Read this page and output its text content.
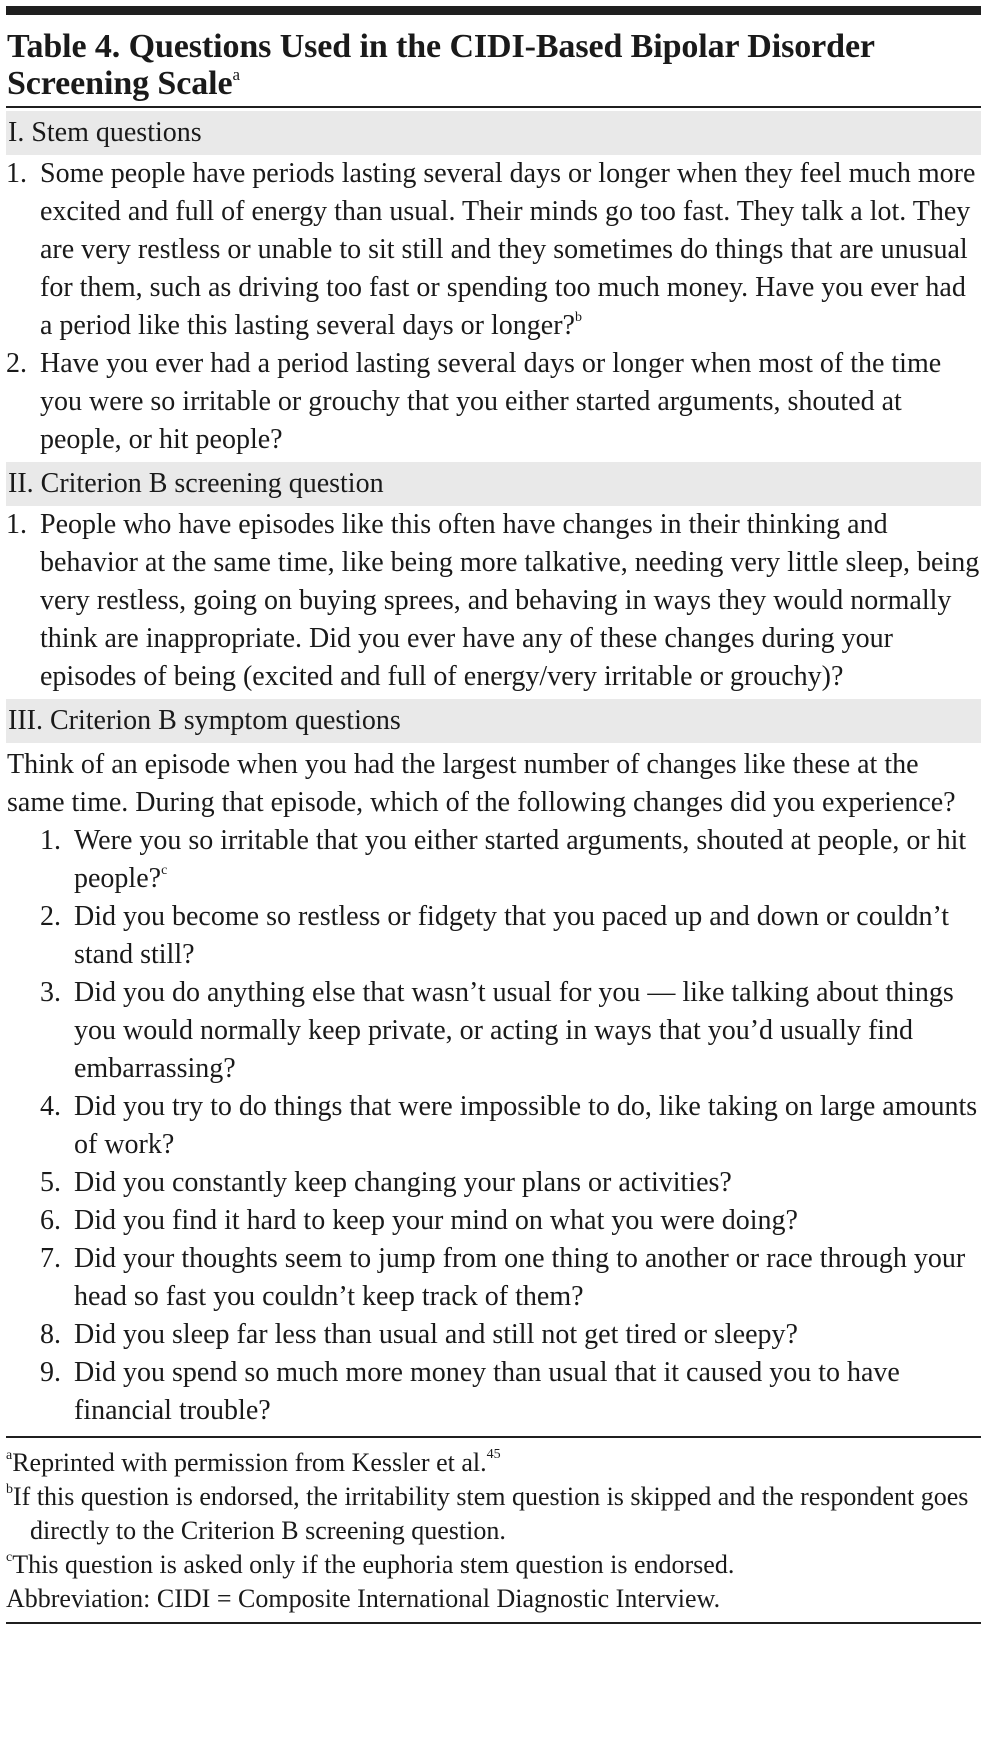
Table 4. Questions Used in the CIDI-Based Bipolar Disorder Screening Scale$^a$
I. Stem questions
1. Some people have periods lasting several days or longer when they feel much more excited and full of energy than usual. Their minds go too fast. They talk a lot. They are very restless or unable to sit still and they sometimes do things that are unusual for them, such as driving too fast or spending too much money. Have you ever had a period like this lasting several days or longer?$^b$
2. Have you ever had a period lasting several days or longer when most of the time you were so irritable or grouchy that you either started arguments, shouted at people, or hit people?
II. Criterion B screening question
1. People who have episodes like this often have changes in their thinking and behavior at the same time, like being more talkative, needing very little sleep, being very restless, going on buying sprees, and behaving in ways they would normally think are inappropriate. Did you ever have any of these changes during your episodes of being (excited and full of energy/very irritable or grouchy)?
III. Criterion B symptom questions
Think of an episode when you had the largest number of changes like these at the same time. During that episode, which of the following changes did you experience?
1. Were you so irritable that you either started arguments, shouted at people, or hit people?$^c$
2. Did you become so restless or fidgety that you paced up and down or couldn’t stand still?
3. Did you do anything else that wasn’t usual for you — like talking about things you would normally keep private, or acting in ways that you’d usually find embarrassing?
4. Did you try to do things that were impossible to do, like taking on large amounts of work?
5. Did you constantly keep changing your plans or activities?
6. Did you find it hard to keep your mind on what you were doing?
7. Did your thoughts seem to jump from one thing to another or race through your head so fast you couldn’t keep track of them?
8. Did you sleep far less than usual and still not get tired or sleepy?
9. Did you spend so much more money than usual that it caused you to have financial trouble?
$^a$Reprinted with permission from Kessler et al.$^{45}$
$^b$If this question is endorsed, the irritability stem question is skipped and the respondent goes directly to the Criterion B screening question.
$^c$This question is asked only if the euphoria stem question is endorsed.
Abbreviation: CIDI = Composite International Diagnostic Interview.
